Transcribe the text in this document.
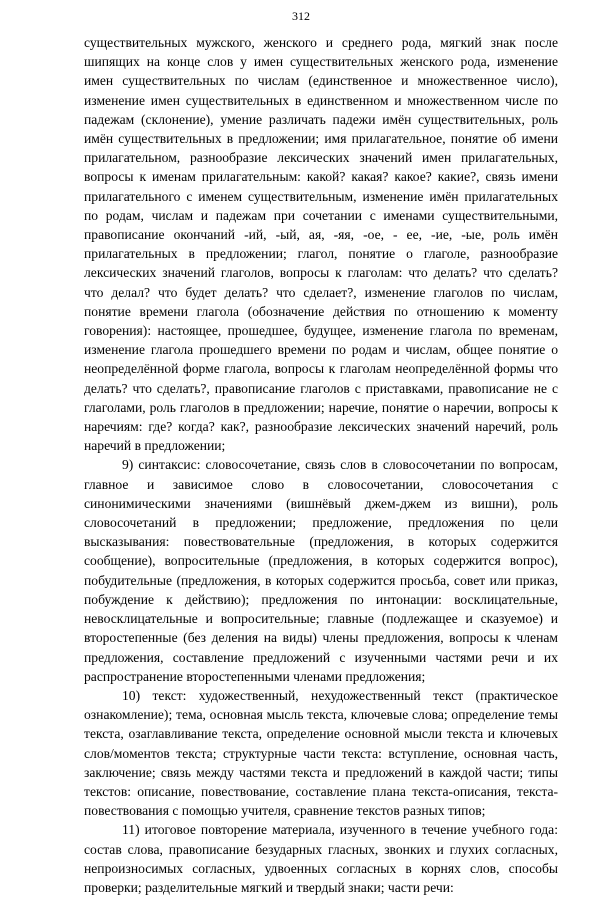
312

существительных мужского, женского и среднего рода, мягкий знак после шипящих на конце слов у имен существительных женского рода, изменение имен существительных по числам (единственное и множественное число), изменение имен существительных в единственном и множественном числе по падежам (склонение), умение различать падежи имён существительных, роль имён существительных в предложении; имя прилагательное, понятие об имени прилагательном, разнообразие лексических значений имен прилагательных, вопросы к именам прилагательным: какой? какая? какое? какие?, связь имени прилагательного с именем существительным, изменение имён прилагательных по родам, числам и падежам при сочетании с именами существительными, правописание окончаний -ий, -ый, ая, -яя, -ое, - ее, -ие, -ые, роль имён прилагательных в предложении; глагол, понятие о глаголе, разнообразие лексических значений глаголов, вопросы к глаголам: что делать? что сделать? что делал? что будет делать? что сделает?, изменение глаголов по числам, понятие времени глагола (обозначение действия по отношению к моменту говорения): настоящее, прошедшее, будущее, изменение глагола по временам, изменение глагола прошедшего времени по родам и числам, общее понятие о неопределённой форме глагола, вопросы к глаголам неопределённой формы что делать? что сделать?, правописание глаголов с приставками, правописание не с глаголами, роль глаголов в предложении; наречие, понятие о наречии, вопросы к наречиям: где? когда? как?, разнообразие лексических значений наречий, роль наречий в предложении;

9) синтаксис: словосочетание, связь слов в словосочетании по вопросам, главное и зависимое слово в словосочетании, словосочетания с синонимическими значениями (вишнёвый джем-джем из вишни), роль словосочетаний в предложении; предложение, предложения по цели высказывания: повествовательные (предложения, в которых содержится сообщение), вопросительные (предложения, в которых содержится вопрос), побудительные (предложения, в которых содержится просьба, совет или приказ, побуждение к действию); предложения по интонации: восклицательные, невосклицательные и вопросительные; главные (подлежащее и сказуемое) и второстепенные (без деления на виды) члены предложения, вопросы к членам предложения, составление предложений с изученными частями речи и их распространение второстепенными членами предложения;

10) текст: художественный, нехудожественный текст (практическое ознакомление); тема, основная мысль текста, ключевые слова; определение темы текста, озаглавливание текста, определение основной мысли текста и ключевых слов/моментов текста; структурные части текста: вступление, основная часть, заключение; связь между частями текста и предложений в каждой части; типы текстов: описание, повествование, составление плана текста-описания, текста-повествования с помощью учителя, сравнение текстов разных типов;

11) итоговое повторение материала, изученного в течение учебного года: состав слова, правописание безударных гласных, звонких и глухих согласных, непроизносимых согласных, удвоенных согласных в корнях слов, способы проверки; разделительные мягкий и твердый знаки; части речи:
